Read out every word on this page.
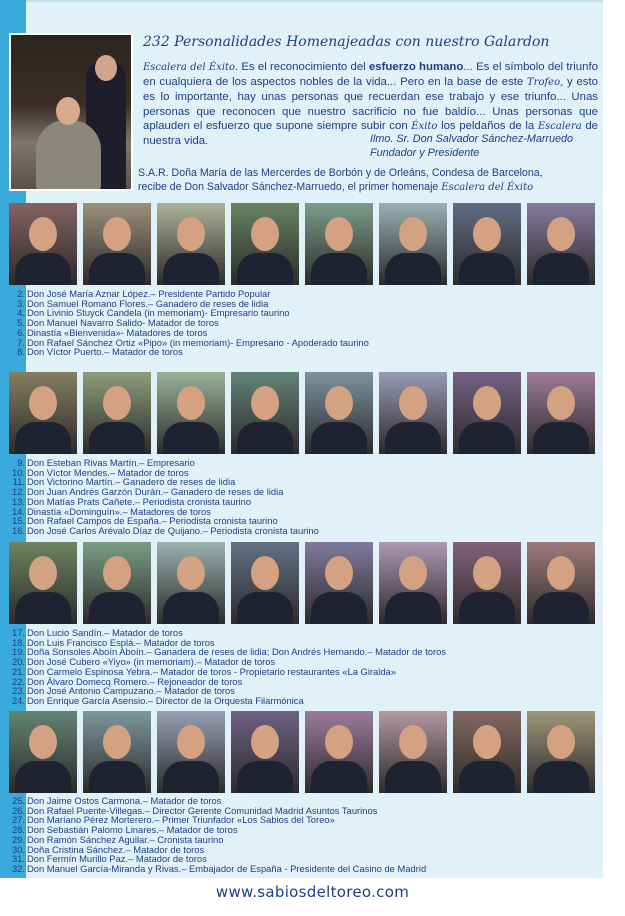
232 Personalidades Homenajeadas con nuestro Galardon
Escalera del Éxito. Es el reconocimiento del esfuerzo humano... Es el símbolo del triunfo en cualquiera de los aspectos nobles de la vida... Pero en la base de este Trofeo, y esto es lo importante, hay unas personas que recuerdan ese trabajo y ese triunfo... Unas personas que reconocen que nuestro sacrificio no fue baldío... Unas personas que aplauden el esfuerzo que supone siempre subir con Éxito los peldaños de la Escalera de nuestra vida.	Ilmo. Sr. Don Salvador Sánchez-Marruedo
Fundador y Presidente
S.A.R. Doña María de las Mercerdes de Borbón y de Orleáns, Condesa de Barcelona,
recibe de Don Salvador Sánchez-Marruedo, el primer homenaje Escalera del Éxito
2. Don José María Aznar López.– Presidente Partido Popular
3. Don Samuel Romano Flores.– Ganadero de reses de lidia
4. Don Livinio Stuyck Candela (in memoriam)- Empresario taurino
5. Don Manuel Navarro Salido- Matador de toros
6. Dinastía «Bienvenida»- Matadores de toros
7. Don Rafael Sánchez Ortiz «Pipo» (in memoriam)- Empresario - Apoderado taurino
8. Don Víctor Puerto.– Matador de toros
9. Don Esteban Rivas Martín.– Empresario
10. Don Víctor Mendes.– Matador de toros
11. Don Victorino Martín.– Ganadero de reses de lidia
12. Don Juan Andrés Garzón Durán.– Ganadero de reses de lidia
13. Don Matías Prats Cañete.– Periodista cronista taurino
14. Dinastía «Dominguín».– Matadores de toros
15. Don Rafael Campos de España.– Periodista cronista taurino
16. Don José Carlos Arévalo Díaz de Quijano.– Periodista cronista taurino
17. Don Lucio Sandín.– Matador de toros
18. Don Luis Francisco Esplá.– Matador de toros
19. Doña Sonsoles Aboín Aboín.– Ganadera de reses de lidia; Don Andrés Hernando.– Matador de toros
20. Don José Cubero «Yiyo» (in memoriam).– Matador de toros
21. Don Carmelo Espinosa Yebra.– Matador de toros - Propietario restaurantes «La Giralda»
22. Don Álvaro Domecq Romero.– Rejoneador de toros
23. Don José Antonio Campuzano.– Matador de toros
24. Don Enrique García Asensio.– Director de la Orquesta Filarmónica
25. Don Jaime Ostos Carmona.– Matador de toros
26. Don Rafael Puente-Villegas.– Director Gerente Comunidad Madrid Asuntos Taurinos
27. Don Maríano Pérez Morterero.– Primer Triunfador «Los Sabios del Toreo»
28. Don Sebastián Palomo Linares.– Matador de toros
29. Don Ramón Sánchez Aguilar.– Cronista taurino
30. Doña Cristina Sánchez.– Matador de toros
31. Don Fermín Murillo Paz.– Matador de toros
32. Don Manuel García-Miranda y Rivas.– Embajador de España - Presidente del Casino de Madrid
www.sabiosdeltoreo.com
